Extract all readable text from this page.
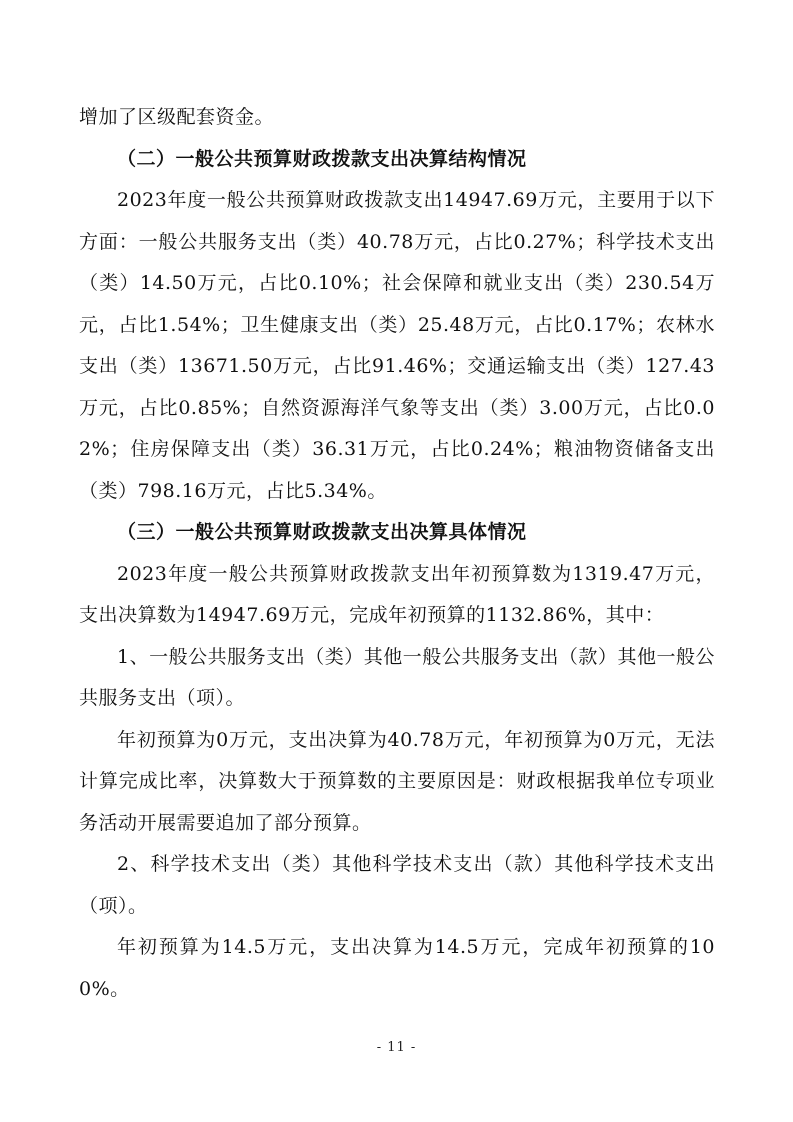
增加了区级配套资金。

（二）一般公共预算财政拨款支出决算结构情况

2023年度一般公共预算财政拨款支出14947.69万元，主要用于以下方面：一般公共服务支出（类）40.78万元，占比0.27%；科学技术支出（类）14.50万元，占比0.10%；社会保障和就业支出（类）230.54万元，占比1.54%；卫生健康支出（类）25.48万元，占比0.17%；农林水支出（类）13671.50万元，占比91.46%；交通运输支出（类）127.43万元，占比0.85%；自然资源海洋气象等支出（类）3.00万元，占比0.02%；住房保障支出（类）36.31万元，占比0.24%；粮油物资储备支出（类）798.16万元，占比5.34%。

（三）一般公共预算财政拨款支出决算具体情况

2023年度一般公共预算财政拨款支出年初预算数为1319.47万元，支出决算数为14947.69万元，完成年初预算的1132.86%，其中：

1、一般公共服务支出（类）其他一般公共服务支出（款）其他一般公共服务支出（项）。

年初预算为0万元，支出决算为40.78万元，年初预算为0万元，无法计算完成比率，决算数大于预算数的主要原因是：财政根据我单位专项业务活动开展需要追加了部分预算。

2、科学技术支出（类）其他科学技术支出（款）其他科学技术支出（项）。

年初预算为14.5万元，支出决算为14.5万元，完成年初预算的100%。

- 11 -
